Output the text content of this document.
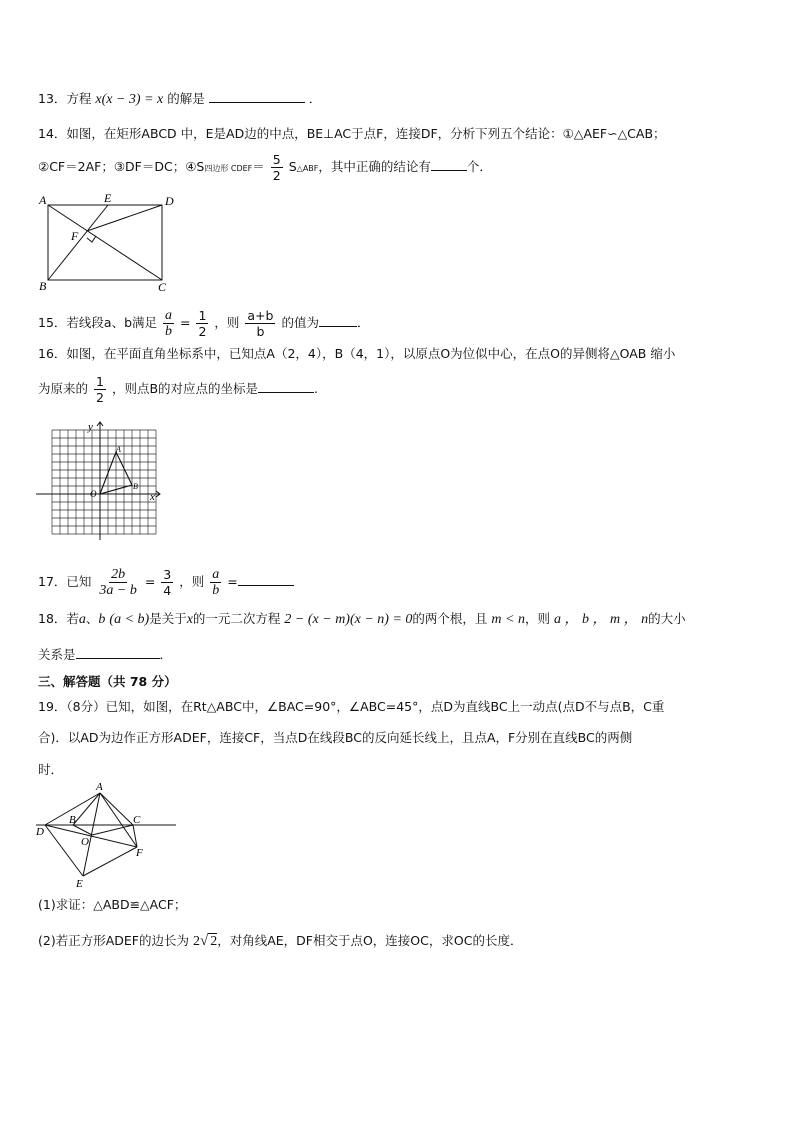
13．方程 x(x − 3) = x 的解是	．
14．如图，在矩形ABCD 中，E是AD边的中点，BE⊥AC于点F，连接DF，分析下列五个结论：①△AEF∽△CAB；
②CF＝2AF；③DF＝DC；④S四边形 CDEF＝ $\frac{5}{2}$ S△ABF，其中正确的结论有	个．
A	E	D
F
B	C
15．若线段a、b满足 $\frac{a}{b} = \frac{1}{2}$ ，则 $\frac{a+b}{b}$ 的值为	．
16．如图，在平面直角坐标系中，已知点A（2，4），B（4，1），以原点O为位似中心，在点O的异侧将△OAB 缩小
为原来的 $\frac{1}{2}$ ，则点B的对应点的坐标是	.
y
x
O
A
B
17．已知 $\frac{2b}{3a - b} = \frac{3}{4}$ ，则 $\frac{a}{b}$ =
18．若a、b (a < b)是关于x的一元二次方程 2 − (x − m)(x − n) = 0的两个根，且 m < n，则 a ， b ， m ， n的大小
关系是	．
三、解答题（共 78 分）
19．（8分）已知，如图，在Rt△ABC中，∠BAC=90°，∠ABC=45°，点D为直线BC上一动点(点D不与点B，C重
合)．以AD为边作正方形ADEF，连接CF，当点D在线段BC的反向延长线上，且点A，F分别在直线BC的两侧
时．
A
B	C
D
O
F
E
(1)求证：△ABD≌△ACF；
(2)若正方形ADEF的边长为 2√ 2，对角线AE，DF相交于点O，连接OC，求OC的长度．
